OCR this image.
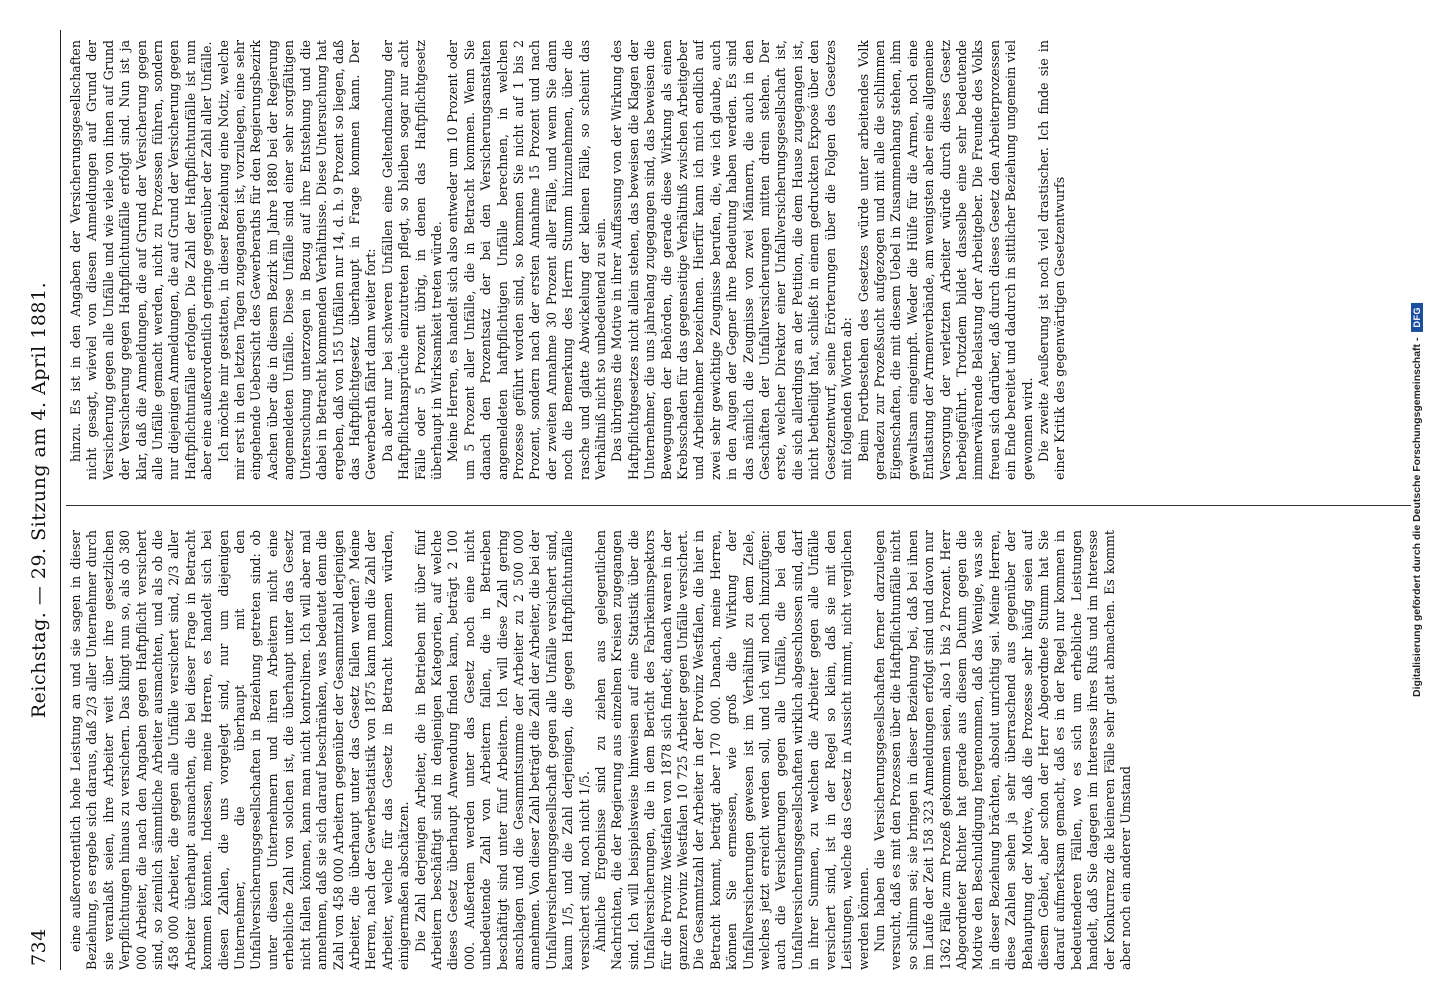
734
Reichstag. — 29. Sitzung am 4. April 1881.

eine außerordentlich hohe Leistung an und sie sagen in dieser Beziehung, es ergebe sich daraus, daß 2/3 aller Unternehmer durch sie veranlaßt seien, ihre Arbeiter weit über ihre gesetzlichen Verpflichtungen hinaus zu versichern. Das klingt nun so, als ob 380 000 Arbeiter, die nach den Angaben gegen Haftpflicht versichert sind, so ziemlich sämmtliche Arbeiter ausmachten, und als ob die 458 000 Arbeiter, die gegen alle Unfälle versichert sind, 2/3 aller Arbeiter überhaupt ausmachten, die bei dieser Frage in Betracht kommen könnten. Indessen, meine Herren, es handelt sich bei diesen Zahlen, die uns vorgelegt sind, nur um diejenigen Unternehmer, die überhaupt mit den Unfallversicherungsgesellschaften in Beziehung getreten sind: ob unter diesen Unternehmern und ihren Arbeitern nicht eine erhebliche Zahl von solchen ist, die überhaupt unter das Gesetz nicht fallen können, kann man nicht kontroliren. Ich will aber mal annehmen, daß sie sich darauf beschränken, was bedeutet denn die Zahl von 458 000 Arbeitern gegenüber der Gesammtzahl derjenigen Arbeiter, die überhaupt unter das Gesetz fallen werden? Meine Herren, nach der Gewerbestatistik von 1875 kann man die Zahl der Arbeiter, welche für das Gesetz in Betracht kommen würden, einigermaßen abschätzen. Die Zahl derjenigen Arbeiter, die in Betrieben mit über fünf Arbeitern beschäftigt sind in denjenigen Kategorien, auf welche dieses Gesetz überhaupt Anwendung finden kann, beträgt 2 100 000. Außerdem werden unter das Gesetz noch eine nicht unbedeutende Zahl von Arbeitern fallen, die in Betrieben beschäftigt sind unter fünf Arbeitern. Ich will diese Zahl gering anschlagen und die Gesammtsumme der Arbeiter zu 2 500 000 annehmen. Von dieser Zahl beträgt die Zahl der Arbeiter, die bei der Unfallversicherungsgesellschaft gegen alle Unfälle versichert sind, kaum 1/5, und die Zahl derjenigen, die gegen Haftpflichtunfälle versichert sind, noch nicht 1/5. Ähnliche Ergebnisse sind zu ziehen aus gelegentlichen Nachrichten, die der Regierung aus einzelnen Kreisen zugegangen sind. Ich will beispielsweise hinweisen auf eine Statistik über die Unfallversicherungen, die in dem Bericht des Fabrikeninspektors für die Provinz Westfalen von 1878 sich findet; danach waren in der ganzen Provinz Westfalen 10 725 Arbeiter gegen Unfälle versichert. Die Gesammtzahl der Arbeiter in der Provinz Westfalen, die hier in Betracht kommt, beträgt aber 170 000. Danach, meine Herren, können Sie ermessen, wie groß die Wirkung der Unfallversicherungen gewesen ist im Verhältniß zu dem Ziele, welches jetzt erreicht werden soll, und ich will noch hinzufügen: auch die Versicherungen gegen alle Unfälle, die bei den Unfallversicherungsgesellschaften wirklich abgeschlossen sind, darf in ihrer Summen, zu welchen die Arbeiter gegen alle Unfälle versichert sind, ist in der Regel so klein, daß sie mit den Leistungen, welche das Gesetz in Aussicht nimmt, nicht verglichen werden können. Nun haben die Versicherungsgesellschaften ferner darzulegen versucht, daß es mit den Prozessen über die Haftpflichtunfälle nicht so schlimm sei; sie bringen in dieser Beziehung bei, daß bei ihnen im Laufe der Zeit 158 323 Anmeldungen erfolgt sind und davon nur 1362 Fälle zum Prozeß gekommen seien, also 1 bis 2 Prozent. Herr Abgeordneter Richter hat gerade aus diesem Datum gegen die Motive den Beschuldigung hergenommen, daß das Wenige, was sie in dieser Beziehung brächten, absolut unrichtig sei. Meine Herren, diese Zahlen sehen ja sehr überraschend aus gegenüber der Behauptung der Motive, daß die Prozesse sehr häufig seien auf diesem Gebiet, aber schon der Herr Abgeordnete Stumm hat Sie darauf aufmerksam gemacht, daß es in der Regel nur kommen in bedeutenderen Fällen, wo es sich um erhebliche Leistungen handelt, daß Sie dagegen im Interesse ihres Rufs und im Interesse der Konkurrenz die kleineren Fälle sehr glatt abmachen. Es kommt aber noch ein anderer Umstand

hinzu. Es ist in den Angaben der Versicherungsgesellschaften nicht gesagt, wieviel von diesen Anmeldungen auf Grund der Versicherung gegen alle Unfälle und wie viele von ihnen auf Grund der Versicherung gegen Haftpflichtunfälle erfolgt sind. Nun ist ja klar, daß die Anmeldungen, die auf Grund der Versicherung gegen alle Unfälle gemacht werden, nicht zu Prozessen führen, sondern nur diejenigen Anmeldungen, die auf Grund der Versicherung gegen Haftpflichtunfälle erfolgen. Die Zahl der Haftpflichtunfälle ist nun aber eine außerordentlich geringe gegenüber der Zahl aller Unfälle. Ich möchte mir gestatten, in dieser Beziehung eine Notiz, welche mir erst in den letzten Tagen zugegangen ist, vorzulegen, eine sehr eingehende Uebersicht des Gewerberaths für den Regierungsbezirk Aachen über die in diesem Bezirk im Jahre 1880 bei der Regierung angemeldeten Unfälle. Diese Unfälle sind einer sehr sorgfältigen Untersuchung unterzogen in Bezug auf ihre Entstehung und die dabei in Betracht kommenden Verhältnisse. Diese Untersuchung hat ergeben, daß von 155 Unfällen nur 14, d. h. 9 Prozent so liegen, daß das Haftpflichtgesetz überhaupt in Frage kommen kann. Der Gewerberath fährt dann weiter fort: Da aber nur bei schweren Unfällen eine Geltendmachung der Haftpflichtansprüche einzutreten pflegt, so bleiben sogar nur acht Fälle oder 5 Prozent übrig, in denen das Haftpflichtgesetz überhaupt in Wirksamkeit treten würde. Meine Herren, es handelt sich also entweder um 10 Prozent oder um 5 Prozent aller Unfälle, die in Betracht kommen. Wenn Sie danach den Prozentsatz der bei den Versicherungsanstalten angemeldeten haftpflichtigen Unfälle berechnen, in welchen Prozesse geführt worden sind, so kommen Sie nicht auf 1 bis 2 Prozent, sondern nach der ersten Annahme 15 Prozent und nach der zweiten Annahme 30 Prozent aller Fälle, und wenn Sie dann noch die Bemerkung des Herrn Stumm hinzunehmen, über die rasche und glatte Abwickelung der kleinen Fälle, so scheint das Verhältniß nicht so unbedeutend zu sein. Das übrigens die Motive in ihrer Auffassung von der Wirkung des Haftpflichtgesetzes nicht allein stehen, das beweisen die Klagen der Unternehmer, die uns jahrelang zugegangen sind, das beweisen die Bewegungen der Behörden, die gerade diese Wirkung als einen Krebsschaden für das gegenseitige Verhältniß zwischen Arbeitgeber und Arbeitnehmer bezeichnen. Hierfür kann ich mich endlich auf zwei sehr gewichtige Zeugnisse berufen, die, wie ich glaube, auch in den Augen der Gegner ihre Bedeutung haben werden. Es sind das nämlich die Zeugnisse von zwei Männern, die auch in den Geschäften der Unfallversicherungen mitten drein stehen. Der erste, welcher Direktor einer Unfallversicherungsgesellschaft ist, die sich allerdings an der Petition, die dem Hause zugegangen ist, nicht betheiligt hat, schließt in einem gedruckten Exposé über den Gesetzentwurf, seine Erörterungen über die Folgen des Gesetzes mit folgenden Worten ab: Beim Fortbestehen des Gesetzes würde unter arbeitendes Volk geradezu zur Prozeßsucht aufgezogen und mit alle die schlimmen Eigenschaften, die mit diesem Uebel in Zusammenhang stehen, ihm gewaltsam eingeimpft. Weder die Hülfe für die Armen, noch eine Entlastung der Armenverbände, am wenigsten aber eine allgemeine Versorgung der verletzten Arbeiter würde durch dieses Gesetz herbeigeführt. Trotzdem bildet dasselbe eine sehr bedeutende immerwährende Belastung der Arbeitgeber. Die Freunde des Volks freuen sich darüber, daß durch dieses Gesetz den Arbeiterprozessen ein Ende bereitet und dadurch in sittlicher Beziehung ungemein viel gewonnen wird. Die zweite Aeußerung ist noch viel drastischer. Ich finde sie in einer Kritik des gegenwärtigen Gesetzentwurfs

Digitalisierung gefördert durch die Deutsche Forschungsgemeinschaft -DFG
